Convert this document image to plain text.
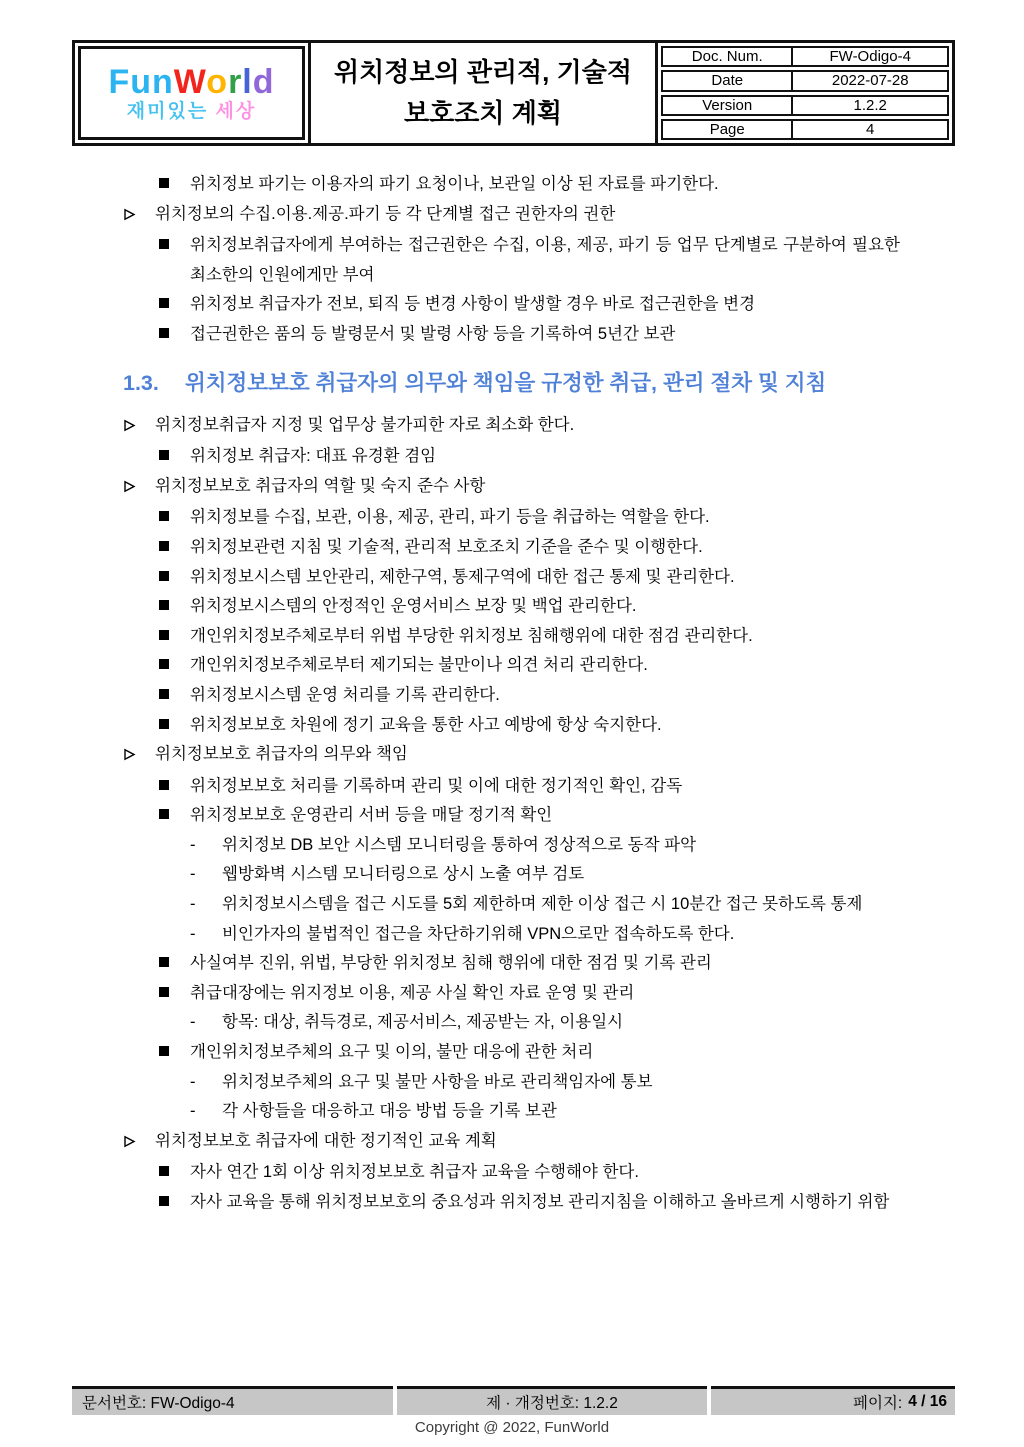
FunWorld
재미있는 세상
위치정보의 관리적, 기술적
보호조치 계획
Doc. Num.	FW-Odigo-4
Date	2022-07-28
Version	1.2.2
Page	4
위치정보 파기는 이용자의 파기 요청이나, 보관일 이상 된 자료를 파기한다.
위치정보의 수집.이용.제공.파기 등 각 단계별 접근 권한자의 권한
위치정보취급자에게 부여하는 접근권한은 수집, 이용, 제공, 파기 등 업무 단계별로 구분하여 필요한 최소한의 인원에게만 부여
위치정보 취급자가 전보, 퇴직 등 변경 사항이 발생할 경우 바로 접근권한을 변경
접근권한은 품의 등 발령문서 및 발령 사항 등을 기록하여 5년간 보관
1.3.	위치정보보호 취급자의 의무와 책임을 규정한 취급, 관리 절차 및 지침
위치정보취급자 지정 및 업무상 불가피한 자로 최소화 한다.
위치정보 취급자: 대표 유경환 겸임
위치정보보호 취급자의 역할 및 숙지 준수 사항
위치정보를 수집, 보관, 이용, 제공, 관리, 파기 등을 취급하는 역할을 한다.
위치정보관련 지침 및 기술적, 관리적 보호조치 기준을 준수 및 이행한다.
위치정보시스템 보안관리, 제한구역, 통제구역에 대한 접근 통제 및 관리한다.
위치정보시스템의 안정적인 운영서비스 보장 및 백업 관리한다.
개인위치정보주체로부터 위법 부당한 위치정보 침해행위에 대한 점검 관리한다.
개인위치정보주체로부터 제기되는 불만이나 의견 처리 관리한다.
위치정보시스템 운영 처리를 기록 관리한다.
위치정보보호 차원에 정기 교육을 통한 사고 예방에 항상 숙지한다.
위치정보보호 취급자의 의무와 책임
위치정보보호 처리를 기록하며 관리 및 이에 대한 정기적인 확인, 감독
위치정보보호 운영관리 서버 등을 매달 정기적 확인
-	위치정보 DB 보안 시스템 모니터링을 통하여 정상적으로 동작 파악
-	웹방화벽 시스템 모니터링으로 상시 노출 여부 검토
-	위치정보시스템을 접근 시도를 5회 제한하며 제한 이상 접근 시 10분간 접근 못하도록 통제
-	비인가자의 불법적인 접근을 차단하기위해 VPN으로만 접속하도록 한다.
사실여부 진위, 위법, 부당한 위치정보 침해 행위에 대한 점검 및 기록 관리
취급대장에는 위지정보 이용, 제공 사실 확인 자료 운영 및 관리
-	항목: 대상, 취득경로, 제공서비스, 제공받는 자, 이용일시
개인위치정보주체의 요구 및 이의, 불만 대응에 관한 처리
-	위치정보주체의 요구 및 불만 사항을 바로 관리책임자에 통보
-	각 사항들을 대응하고 대응 방법 등을 기록 보관
위치정보보호 취급자에 대한 정기적인 교육 계획
자사 연간 1회 이상 위치정보보호 취급자 교육을 수행해야 한다.
자사 교육을 통해 위치정보보호의 중요성과 위치정보 관리지침을 이해하고 올바르게 시행하기 위함
문서번호: FW-Odigo-4	제 · 개정번호: 1.2.2	페이지: 4 / 16
Copyright @ 2022, FunWorld
